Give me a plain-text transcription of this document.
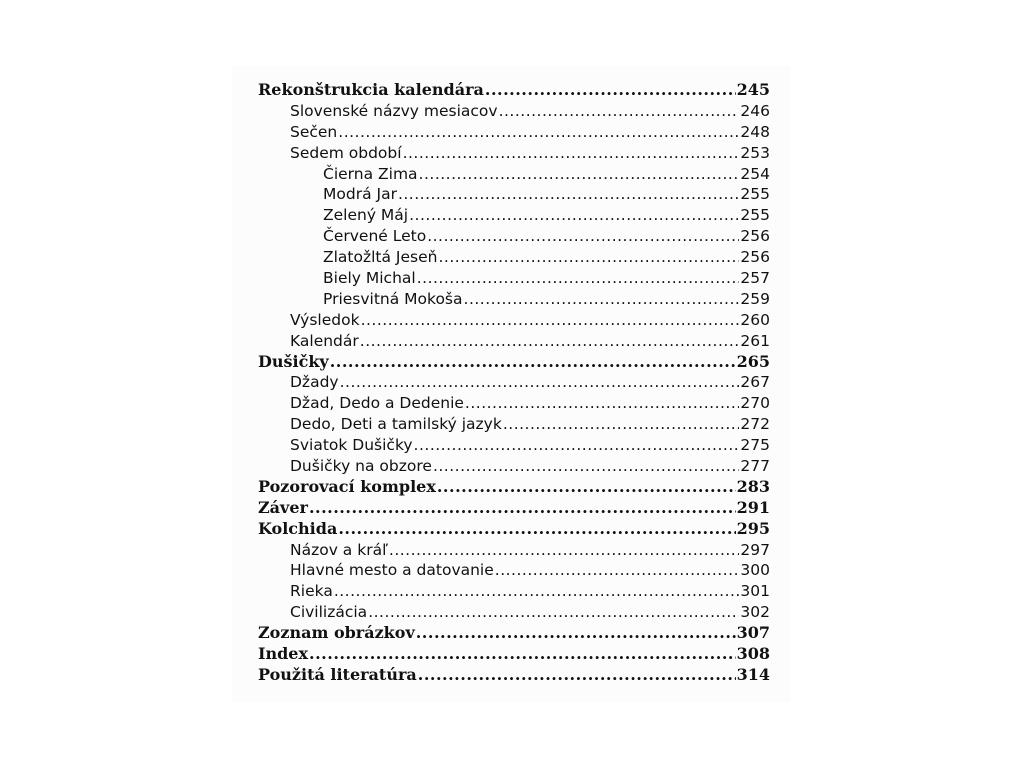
Rekonštrukcia kalendára .....	245
Slovenské názvy mesiacov .....	246
Sečen .....	248
Sedem období .....	253
Čierna Zima .....	254
Modrá Jar .....	255
Zelený Máj .....	255
Červené Leto .....	256
Zlatožltá Jeseň .....	256
Biely Michal .....	257
Priesvitná Mokoša .....	259
Výsledok .....	260
Kalendár .....	261
Dušičky .....	265
Džady .....	267
Džad, Dedo a Dedenie .....	270
Dedo, Deti a tamilský jazyk .....	272
Sviatok Dušičky .....	275
Dušičky na obzore .....	277
Pozorovací komplex .....	283
Záver .....	291
Kolchida .....	295
Názov a kráľ .....	297
Hlavné mesto a datovanie .....	300
Rieka .....	301
Civilizácia .....	302
Zoznam obrázkov .....	307
Index .....	308
Použitá literatúra .....	314
